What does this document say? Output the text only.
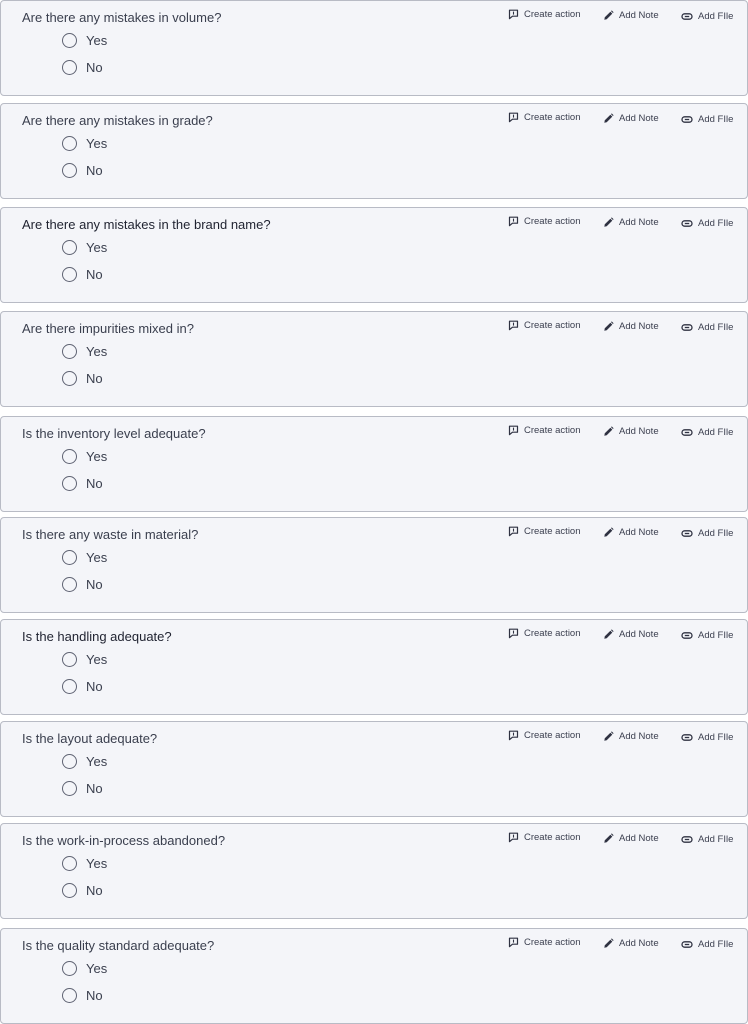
Are there any mistakes in volume?	Create action	Add Note	Add FIle
Yes
No
Are there any mistakes in grade?	Create action	Add Note	Add FIle
Yes
No
Are there any mistakes in the brand name?	Create action	Add Note	Add FIle
Yes
No
Are there impurities mixed in?	Create action	Add Note	Add FIle
Yes
No
Is the inventory level adequate?	Create action	Add Note	Add FIle
Yes
No
Is there any waste in material?	Create action	Add Note	Add FIle
Yes
No
Is the handling adequate?	Create action	Add Note	Add FIle
Yes
No
Is the layout adequate?	Create action	Add Note	Add FIle
Yes
No
Is the work-in-process abandoned?	Create action	Add Note	Add FIle
Yes
No
Is the quality standard adequate?	Create action	Add Note	Add FIle
Yes
No
